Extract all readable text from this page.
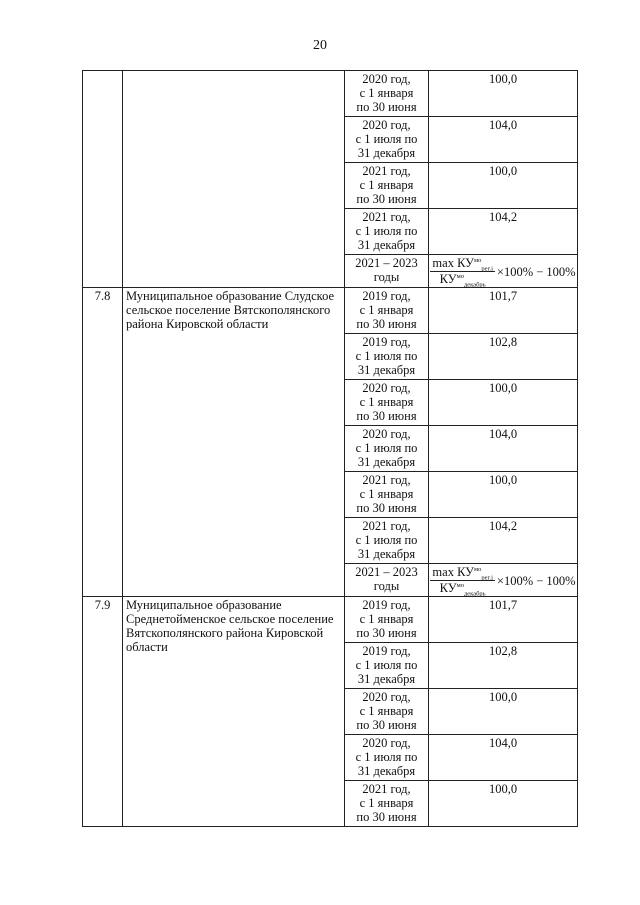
20
		2020 год,
с 1 января
по 30 июня	100,0
		2020 год,
с 1 июля по
31 декабря	104,0
		2021 год,
с 1 января
по 30 июня	100,0
		2021 год,
с 1 июля по
31 декабря	104,2
		2021 – 2023
годы	$\frac{\max КУ^{мо}_{рег.j}}{КУ^{мо}_{декабрь}} \times 100\% - 100\%$

7.8	Муниципальное образование Слудское сельское поселение Вятскополянского района Кировской области	2019 год,
с 1 января
по 30 июня	101,7
		2019 год,
с 1 июля по
31 декабря	102,8
		2020 год,
с 1 января
по 30 июня	100,0
		2020 год,
с 1 июля по
31 декабря	104,0
		2021 год,
с 1 января
по 30 июня	100,0
		2021 год,
с 1 июля по
31 декабря	104,2
		2021 – 2023
годы	$\frac{\max КУ^{мо}_{рег.j}}{КУ^{мо}_{декабрь}} \times 100\% - 100\%$

7.9	Муниципальное образование Среднетойменское сельское поселение Вятскополянского района Кировской области	2019 год,
с 1 января
по 30 июня	101,7
		2019 год,
с 1 июля по
31 декабря	102,8
		2020 год,
с 1 января
по 30 июня	100,0
		2020 год,
с 1 июля по
31 декабря	104,0
		2021 год,
с 1 января
по 30 июня	100,0
